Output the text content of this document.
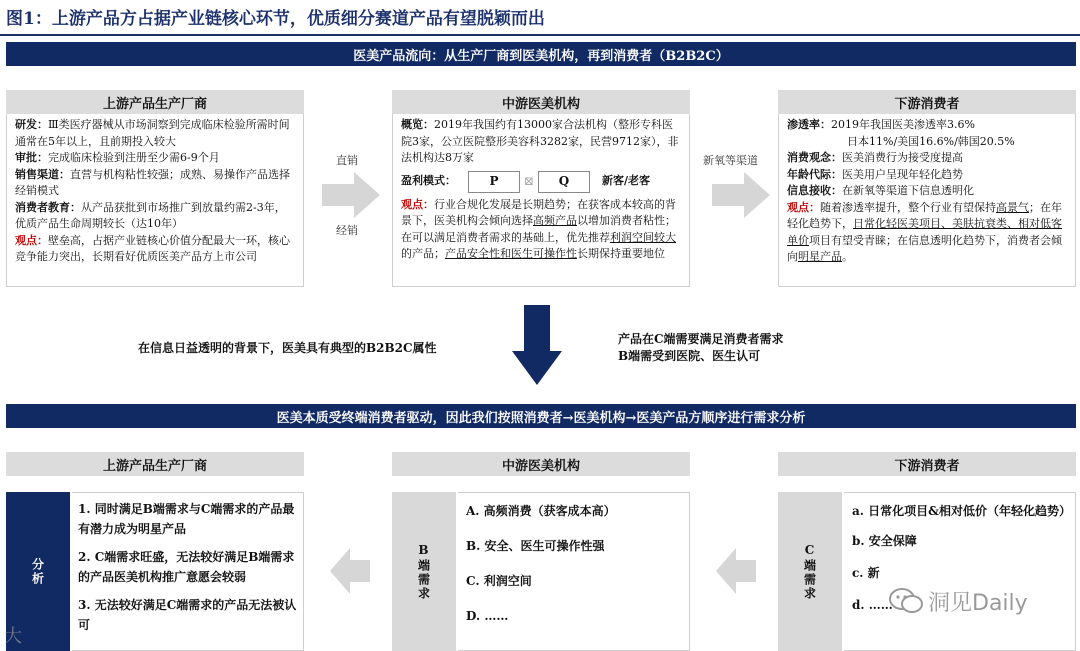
图1：上游产品方占据产业链核心环节，优质细分赛道产品有望脱颖而出
医美产品流向：从生产厂商到医美机构，再到消费者（B2B2C）
上游产品生产厂商

研发：Ⅲ类医疗器械从市场洞察到完成临床检验所需时间通常在5年以上，且前期投入较大

审批：完成临床检验到注册至少需6-9个月

销售渠道：直营与机构粘性较强；成熟、易操作产品选择经销模式

消费者教育：从产品获批到市场推广到放量约需2-3年，优质产品生命周期较长（达10年）

观点：壁垒高，占据产业链核心价值分配最大一环，核心竞争能力突出，长期看好优质医美产品方上市公司

直销
经销
中游医美机构

概览：2019年我国约有13000家合法机构（整形专科医院3家，公立医院整形美容科3282家，民营9712家），非法机构达8万家

盈利模式：	P	⊠	Q	新客/老客

观点：行业合规化发展是长期趋势；在获客成本较高的背景下，医美机构会倾向选择高频产品以增加消费者粘性；在可以满足消费者需求的基础上，优先推荐利润空间较大的产品；产品安全性和医生可操作性长期保持重要地位

新氧等渠道
下游消费者

渗透率：2019年我国医美渗透率3.6%

日本11%/美国16.6%/韩国20.5%

消费观念：医美消费行为接受度提高

年龄代际：医美用户呈现年轻化趋势

信息接收：在新氧等渠道下信息透明化

观点：随着渗透率提升，整个行业有望保持高景气；在年轻化趋势下，日常化轻医美项目、美肤抗衰类、相对低客单价项目有望受青睐；在信息透明化趋势下，消费者会倾向明星产品。

在信息日益透明的背景下，医美具有典型的B2B2C属性
产品在C端需要满足消费者需求
B端需受到医院、医生认可
医美本质受终端消费者驱动，因此我们按照消费者→医美机构→医美产品方顺序进行需求分析
上游产品生产厂商	中游医美机构	下游消费者
分析
1. 同时满足B端需求与C端需求的产品最有潜力成为明星产品
2. C端需求旺盛，无法较好满足B端需求的产品医美机构推广意愿会较弱
3. 无法较好满足C端需求的产品无法被认可
B端需求
A. 高频消费（获客成本高）
B. 安全、医生可操作性强
C. 利润空间
D. ……
C端需求
a. 日常化项目&相对低价（年轻化趋势）
b. 安全保障
c. 新
d. ……	洞见Daily
大
